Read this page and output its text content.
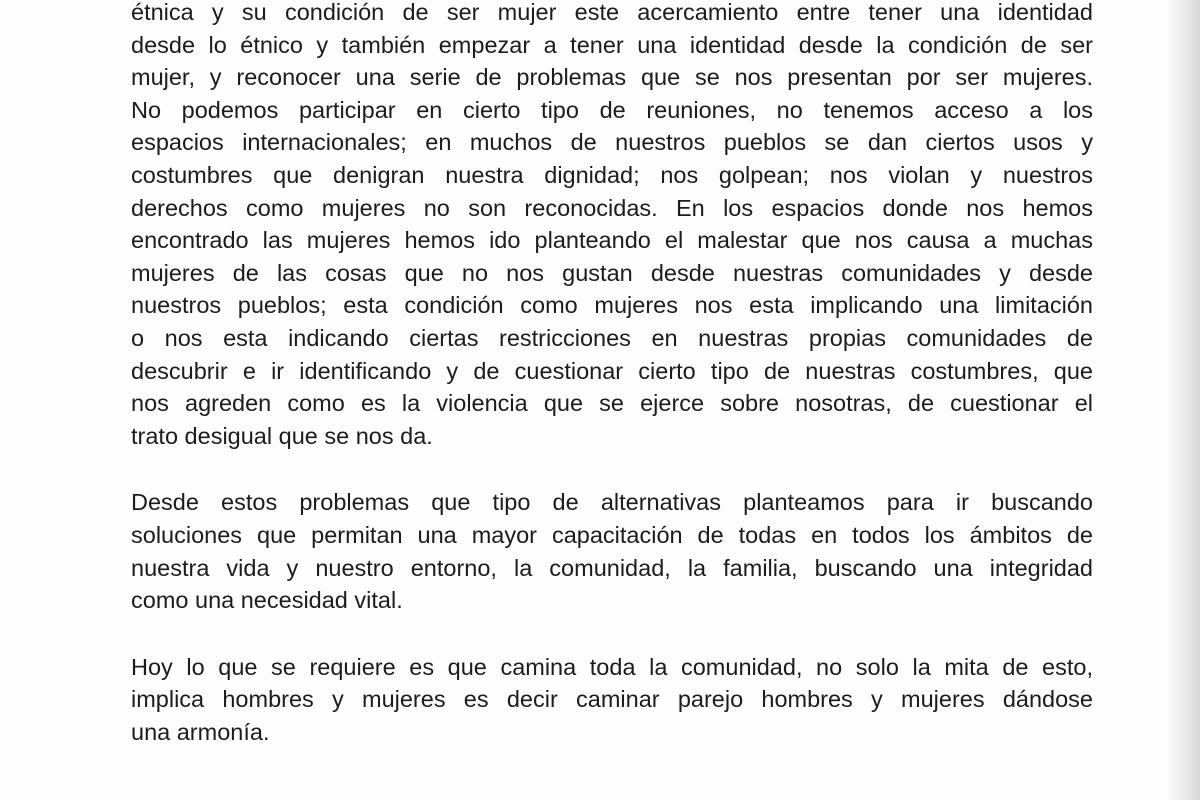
étnica y su condición de ser mujer este acercamiento entre tener una identidad
desde lo étnico y también empezar a tener una identidad desde la condición de ser
mujer, y reconocer una serie de problemas que se nos presentan por ser mujeres.
No podemos participar en cierto tipo de reuniones, no tenemos acceso a los
espacios internacionales; en muchos de nuestros pueblos se dan ciertos usos y
costumbres que denigran nuestra dignidad; nos golpean; nos violan y nuestros
derechos como mujeres no son reconocidas. En los espacios donde nos hemos
encontrado las mujeres hemos ido planteando el malestar que nos causa a muchas
mujeres de las cosas que no nos gustan desde nuestras comunidades y desde
nuestros pueblos; esta condición como mujeres nos esta implicando una limitación
o nos esta indicando ciertas restricciones en nuestras propias comunidades de
descubrir e ir identificando y de cuestionar cierto tipo de nuestras costumbres, que
nos agreden como es la violencia que se ejerce sobre nosotras, de cuestionar el
trato desigual que se nos da.
Desde estos problemas que tipo de alternativas planteamos para ir buscando
soluciones que permitan una mayor capacitación de todas en todos los ámbitos de
nuestra vida y nuestro entorno, la comunidad, la familia, buscando una integridad
como una necesidad vital.
Hoy lo que se requiere es que camina toda la comunidad, no solo la mita de esto,
implica hombres y mujeres es decir caminar parejo hombres y mujeres dándose
una armonía.
